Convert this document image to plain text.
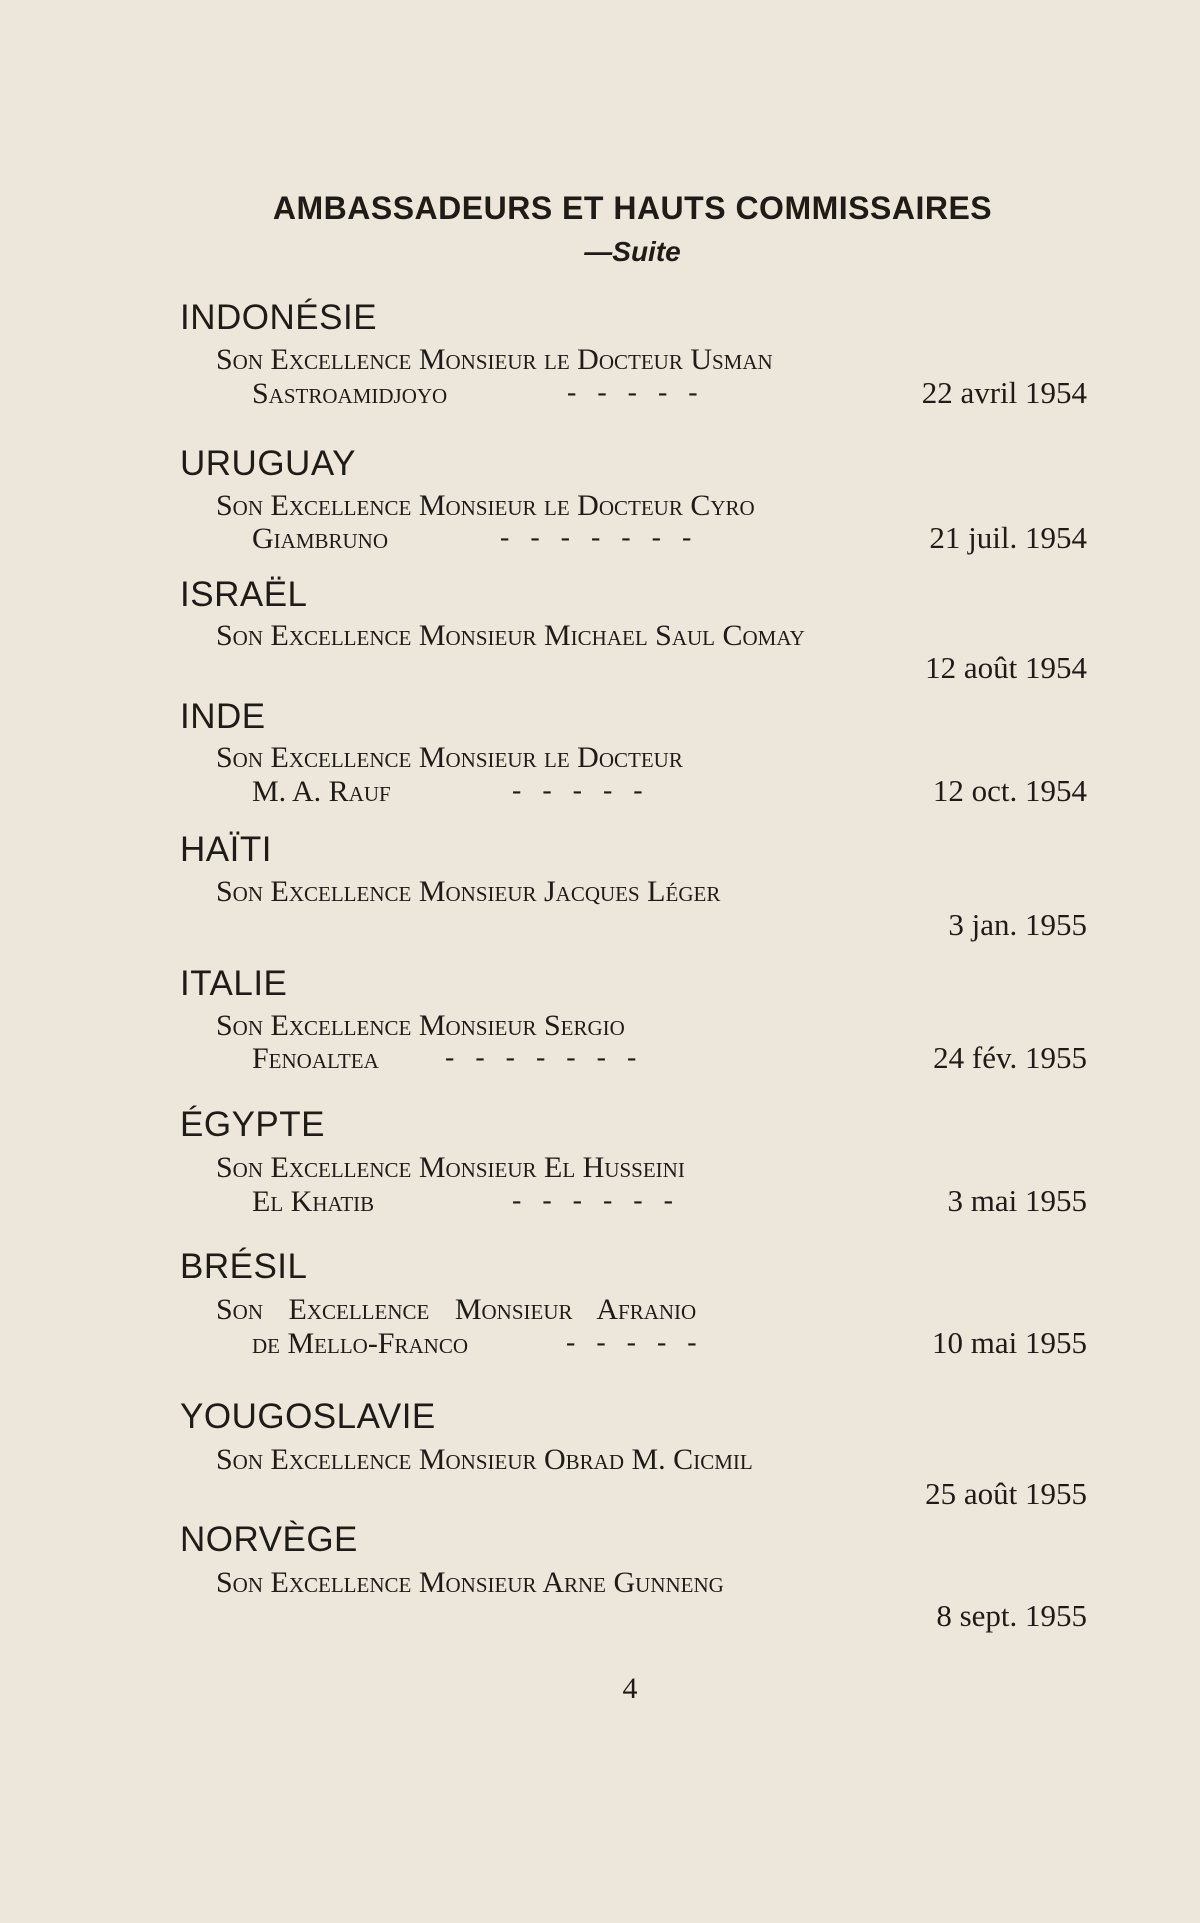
AMBASSADEURS ET HAUTS COMMISSAIRES
—Suite
INDONÉSIE
Son Excellence Monsieur le Docteur Usman
Sastroamidjoyo	-   -   -   -   -	22 avril 1954
URUGUAY
Son Excellence Monsieur le Docteur Cyro
Giambruno	-   -   -   -   -   -   -	21 juil. 1954
ISRAËL
Son Excellence Monsieur Michael Saul Comay
12 août 1954
INDE
Son Excellence Monsieur le Docteur
M. A. Rauf	-   -   -   -   -	12 oct. 1954
HAÏTI
Son Excellence Monsieur Jacques Léger
3 jan. 1955
ITALIE
Son Excellence Monsieur Sergio
Fenoaltea -   -   -   -   -   -   -	24 fév. 1955
ÉGYPTE
Son Excellence Monsieur El Husseini
El Khatib	-   -   -   -   -   -	3 mai 1955
BRÉSIL
Son Excellence Monsieur Afranio
de Mello-Franco	-   -   -   -   -	10 mai 1955
YOUGOSLAVIE
Son Excellence Monsieur Obrad M. Cicmil
25 août 1955
NORVÈGE
Son Excellence Monsieur Arne Gunneng
8 sept. 1955
4
